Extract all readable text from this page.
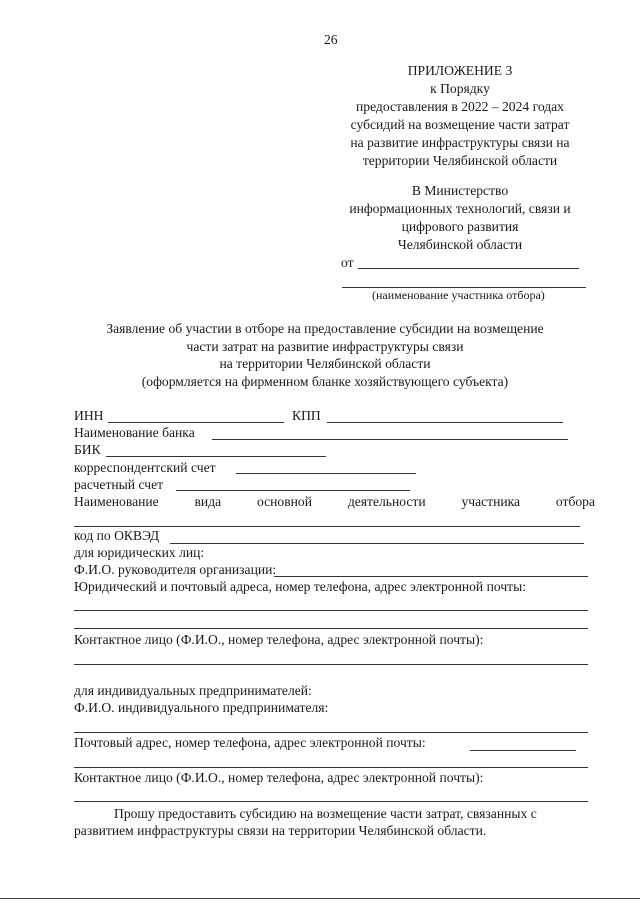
26
ПРИЛОЖЕНИЕ 3
к Порядку
предоставления в 2022 – 2024 годах
субсидий на возмещение части затрат
на развитие инфраструктуры связи на
территории Челябинской области
В Министерство
информационных технологий, связи и
цифрового развития
Челябинской области
от
(наименование участника отбора)
Заявление об участии в отборе на предоставление субсидии на возмещение
части затрат на развитие инфраструктуры связи
на территории Челябинской области
(оформляется на фирменном бланке хозяйствующего субъекта)
ИНН	КПП
Наименование банка
БИК
корреспондентский счет
расчетный счет
Наименование	вида	основной	деятельности	участника	отбора
код по ОКВЭД
для юридических лиц:
Ф.И.О. руководителя организации:
Юридический и почтовый адреса, номер телефона, адрес электронной почты:
Контактное лицо (Ф.И.О., номер телефона, адрес электронной почты):
для индивидуальных предпринимателей:
Ф.И.О. индивидуального предпринимателя:
Почтовый адрес, номер телефона, адрес электронной почты:
Контактное лицо (Ф.И.О., номер телефона, адрес электронной почты):
Прошу предоставить субсидию на возмещение части затрат, связанных с
развитием инфраструктуры связи на территории Челябинской области.
